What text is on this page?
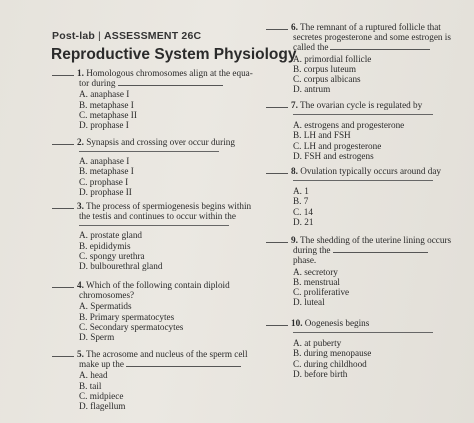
Post-lab | ASSESSMENT 26C
Reproductive System Physiology
1. Homologous chromosomes align at the equa-
tor during
A. anaphase I
B. metaphase I
C. metaphase II
D. prophase I
2. Synapsis and crossing over occur during
A. anaphase I
B. metaphase I
C. prophase I
D. prophase II
3. The process of spermiogenesis begins within
the testis and continues to occur within the
A. prostate gland
B. epididymis
C. spongy urethra
D. bulbourethral gland
4. Which of the following contain diploid
chromosomes?
A. Spermatids
B. Primary spermatocytes
C. Secondary spermatocytes
D. Sperm
5. The acrosome and nucleus of the sperm cell
make up the
A. head
B. tail
C. midpiece
D. flagellum
6. The remnant of a ruptured follicle that
secretes progesterone and some estrogen is
called the
A. primordial follicle
B. corpus luteum
C. corpus albicans
D. antrum
7. The ovarian cycle is regulated by
A. estrogens and progesterone
B. LH and FSH
C. LH and progesterone
D. FSH and estrogens
8. Ovulation typically occurs around day
A. 1
B. 7
C. 14
D. 21
9. The shedding of the uterine lining occurs
during the
phase.
A. secretory
B. menstrual
C. proliferative
D. luteal
10. Oogenesis begins
A. at puberty
B. during menopause
C. during childhood
D. before birth
